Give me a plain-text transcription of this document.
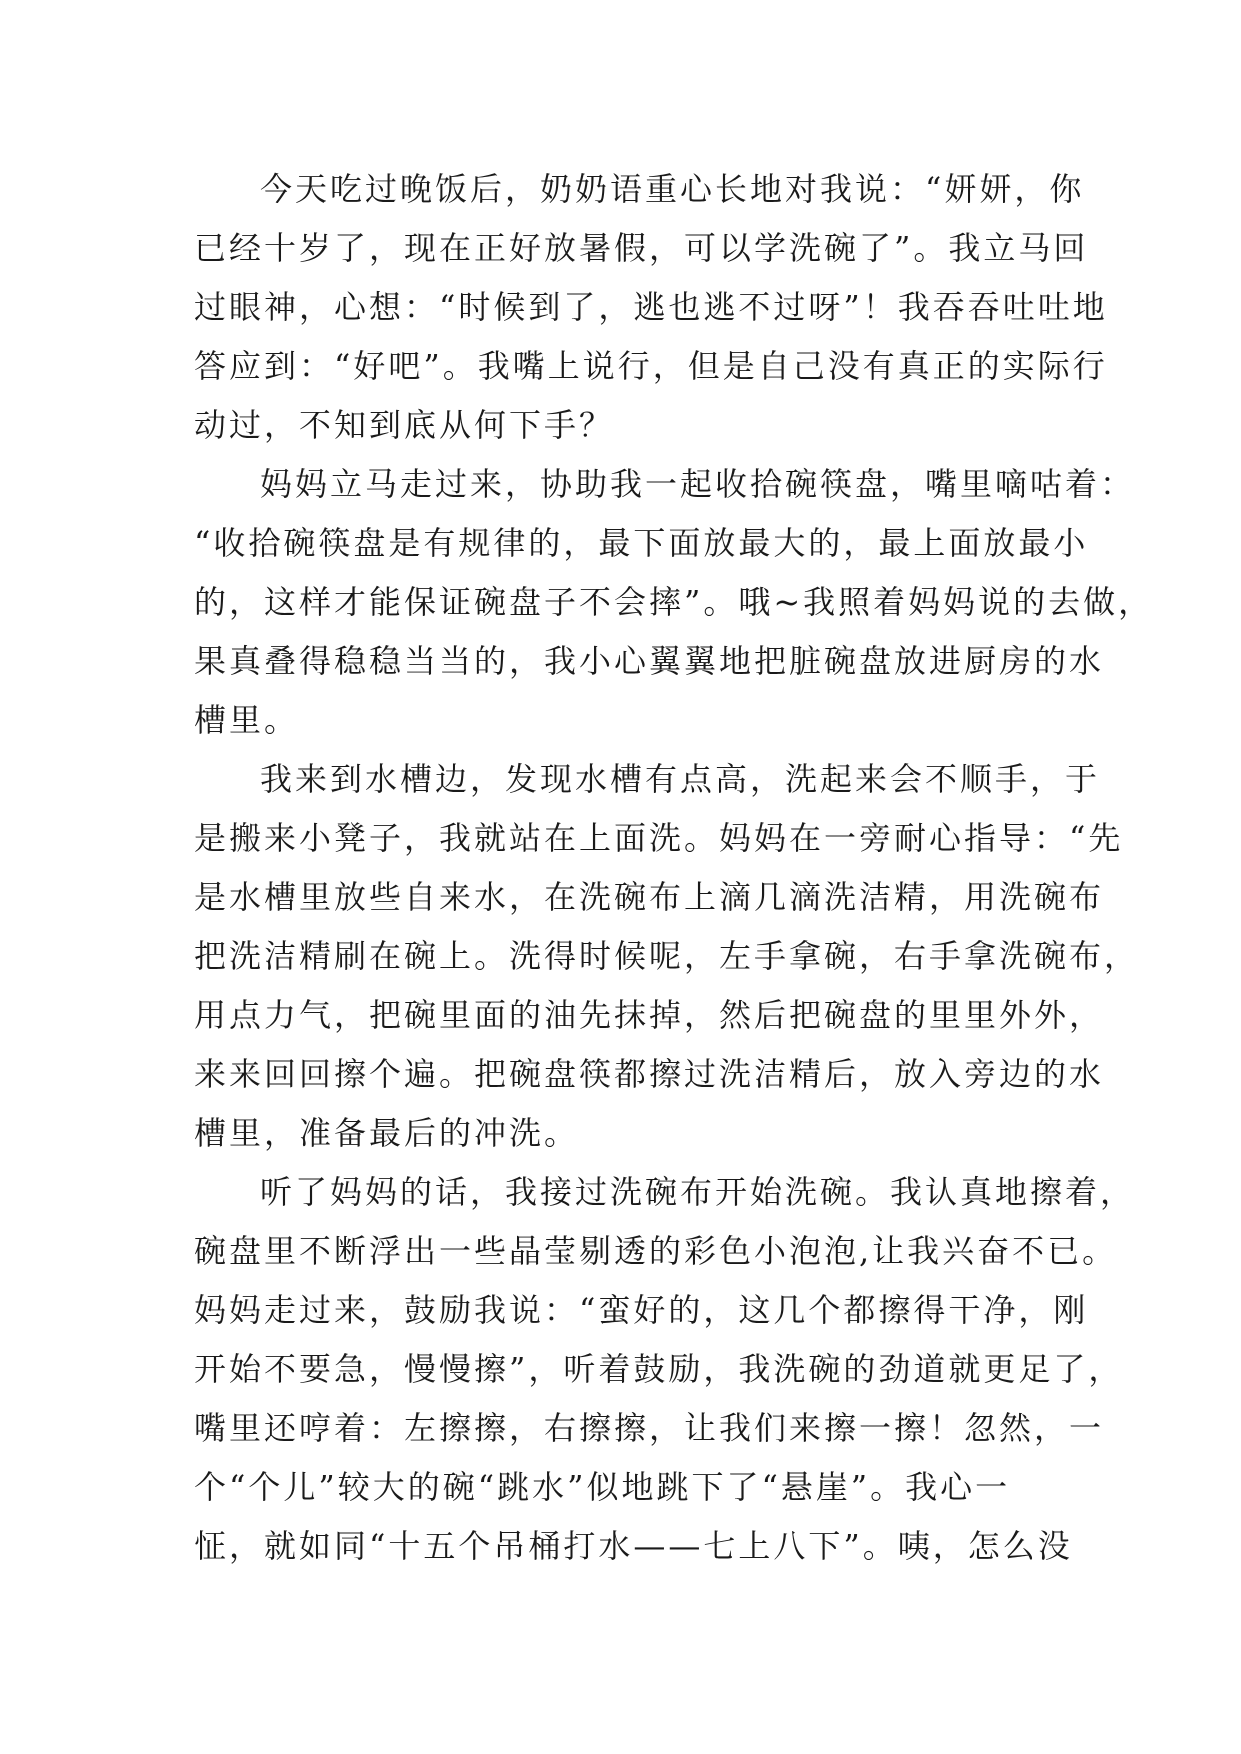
今天吃过晚饭后，奶奶语重心长地对我说：“妍妍，你
已经十岁了，现在正好放暑假，可以学洗碗了”。我立马回
过眼神，心想：“时候到了，逃也逃不过呀”！我吞吞吐吐地
答应到：“好吧”。我嘴上说行，但是自己没有真正的实际行
动过，不知到底从何下手？
妈妈立马走过来，协助我一起收拾碗筷盘，嘴里嘀咕着：
“收拾碗筷盘是有规律的，最下面放最大的，最上面放最小
的，这样才能保证碗盘子不会摔”。哦~我照着妈妈说的去做，
果真叠得稳稳当当的，我小心翼翼地把脏碗盘放进厨房的水
槽里。
我来到水槽边，发现水槽有点高，洗起来会不顺手，于
是搬来小凳子，我就站在上面洗。妈妈在一旁耐心指导：“先
是水槽里放些自来水，在洗碗布上滴几滴洗洁精，用洗碗布
把洗洁精刷在碗上。洗得时候呢，左手拿碗，右手拿洗碗布，
用点力气，把碗里面的油先抹掉，然后把碗盘的里里外外，
来来回回擦个遍。把碗盘筷都擦过洗洁精后，放入旁边的水
槽里，准备最后的冲洗。
听了妈妈的话，我接过洗碗布开始洗碗。我认真地擦着，
碗盘里不断浮出一些晶莹剔透的彩色小泡泡,让我兴奋不已。
妈妈走过来，鼓励我说：“蛮好的，这几个都擦得干净，刚
开始不要急，慢慢擦”，听着鼓励，我洗碗的劲道就更足了，
嘴里还哼着：左擦擦，右擦擦，让我们来擦一擦！忽然，一
个“个儿”较大的碗“跳水”似地跳下了“悬崖”。我心一
怔，就如同“十五个吊桶打水——七上八下”。咦，怎么没
